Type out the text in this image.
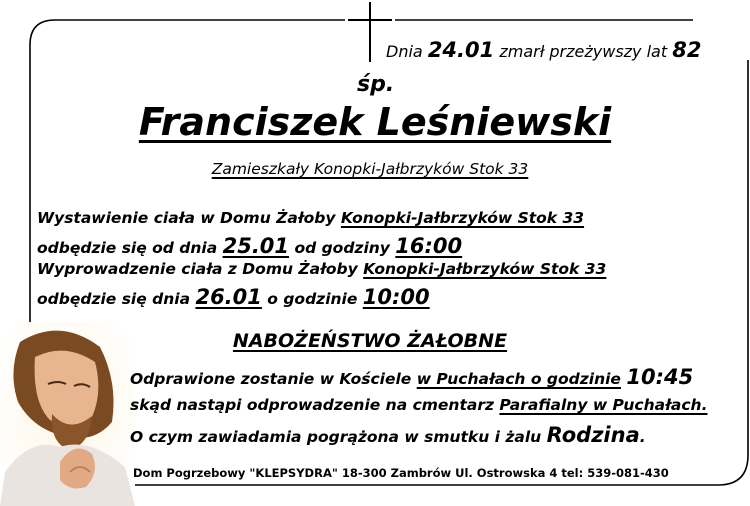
Dnia 24.01 zmarł przeżywszy lat 82
śp.
Franciszek Leśniewski
Zamieszkały Konopki-Jałbrzyków Stok 33
Wystawienie ciała w Domu Żałoby Konopki-Jałbrzyków Stok 33
odbędzie się od dnia 25.01 od godziny 16:00
Wyprowadzenie ciała z Domu Żałoby Konopki-Jałbrzyków Stok 33
odbędzie się dnia 26.01 o godzinie 10:00
NABOŻEŃSTWO ŻAŁOBNE
Odprawione zostanie w Kościele w Puchałach o godzinie 10:45
skąd nastąpi odprowadzenie na cmentarz Parafialny w Puchałach.
O czym zawiadamia pogrążona w smutku i żalu Rodzina.
Dom Pogrzebowy "KLEPSYDRA" 18-300 Zambrów Ul. Ostrowska 4 tel: 539-081-430
